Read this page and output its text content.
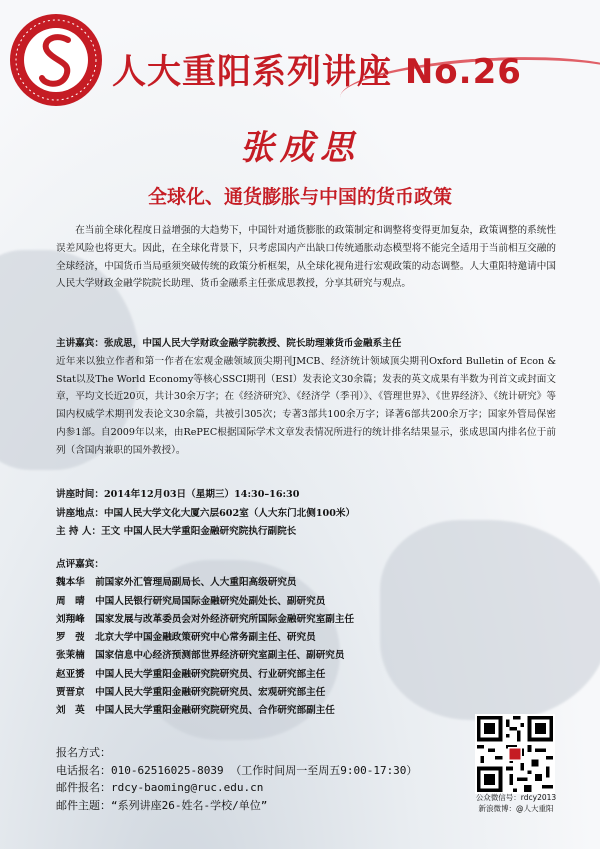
人大重阳系列讲座 No.26
张成思
全球化、通货膨胀与中国的货币政策
在当前全球化程度日益增强的大趋势下，中国针对通货膨胀的政策制定和调整将变得更加复杂，政策调整的系统性误差风险也将更大。因此，在全球化背景下，只考虑国内产出缺口传统通胀动态模型将不能完全适用于当前相互交融的全球经济，中国货币当局亟须突破传统的政策分析框架，从全球化视角进行宏观政策的动态调整。人大重阳特邀请中国人民大学财政金融学院院长助理、货币金融系主任张成思教授，分享其研究与观点。
主讲嘉宾：张成思，中国人民大学财政金融学院教授、院长助理兼货币金融系主任
近年来以独立作者和第一作者在宏观金融领域顶尖期刊JMCB、经济统计领域顶尖期刊Oxford Bulletin of Econ & Stat以及The World Economy等核心SSCI期刊（ESI）发表论文30余篇；发表的英文成果有半数为刊首文或封面文章，平均文长近20页，共计30余万字；在《经济研究》、《经济学（季刊）》、《管理世界》、《世界经济》、《统计研究》等国内权威学术期刊发表论文30余篇，共被引305次；专著3部共100余万字；译著6部共200余万字；国家外管局保密内参1部。自2009年以来，由RePEC根据国际学术文章发表情况所进行的统计排名结果显示，张成思国内排名位于前列（含国内兼职的国外教授）。
讲座时间：2014年12月03日（星期三）14:30–16:30
讲座地点：中国人民大学文化大厦六层602室（人大东门北侧100米）
主 持 人：王文 中国人民大学重阳金融研究院执行副院长
点评嘉宾：
魏本华 前国家外汇管理局副局长、人大重阳高级研究员
周　晴 中国人民银行研究局国际金融研究处副处长、副研究员
刘翔峰 国家发展与改革委员会对外经济研究所国际金融研究室副主任
罗　弢 北京大学中国金融政策研究中心常务副主任、研究员
张茉楠 国家信息中心经济预测部世界经济研究室副主任、副研究员
赵亚赟 中国人民大学重阳金融研究院研究员、行业研究部主任
贾晋京 中国人民大学重阳金融研究院研究员、宏观研究部主任
刘　英 中国人民大学重阳金融研究院研究员、合作研究部副主任
报名方式：
电话报名：010-62516025-8039 （工作时间周一至周五9:00-17:30）
邮件报名：rdcy-baoming@ruc.edu.cn
邮件主题：“系列讲座26-姓名-学校/单位”
公众微信号：rdcy2013
新浪微博：@人大重阳
